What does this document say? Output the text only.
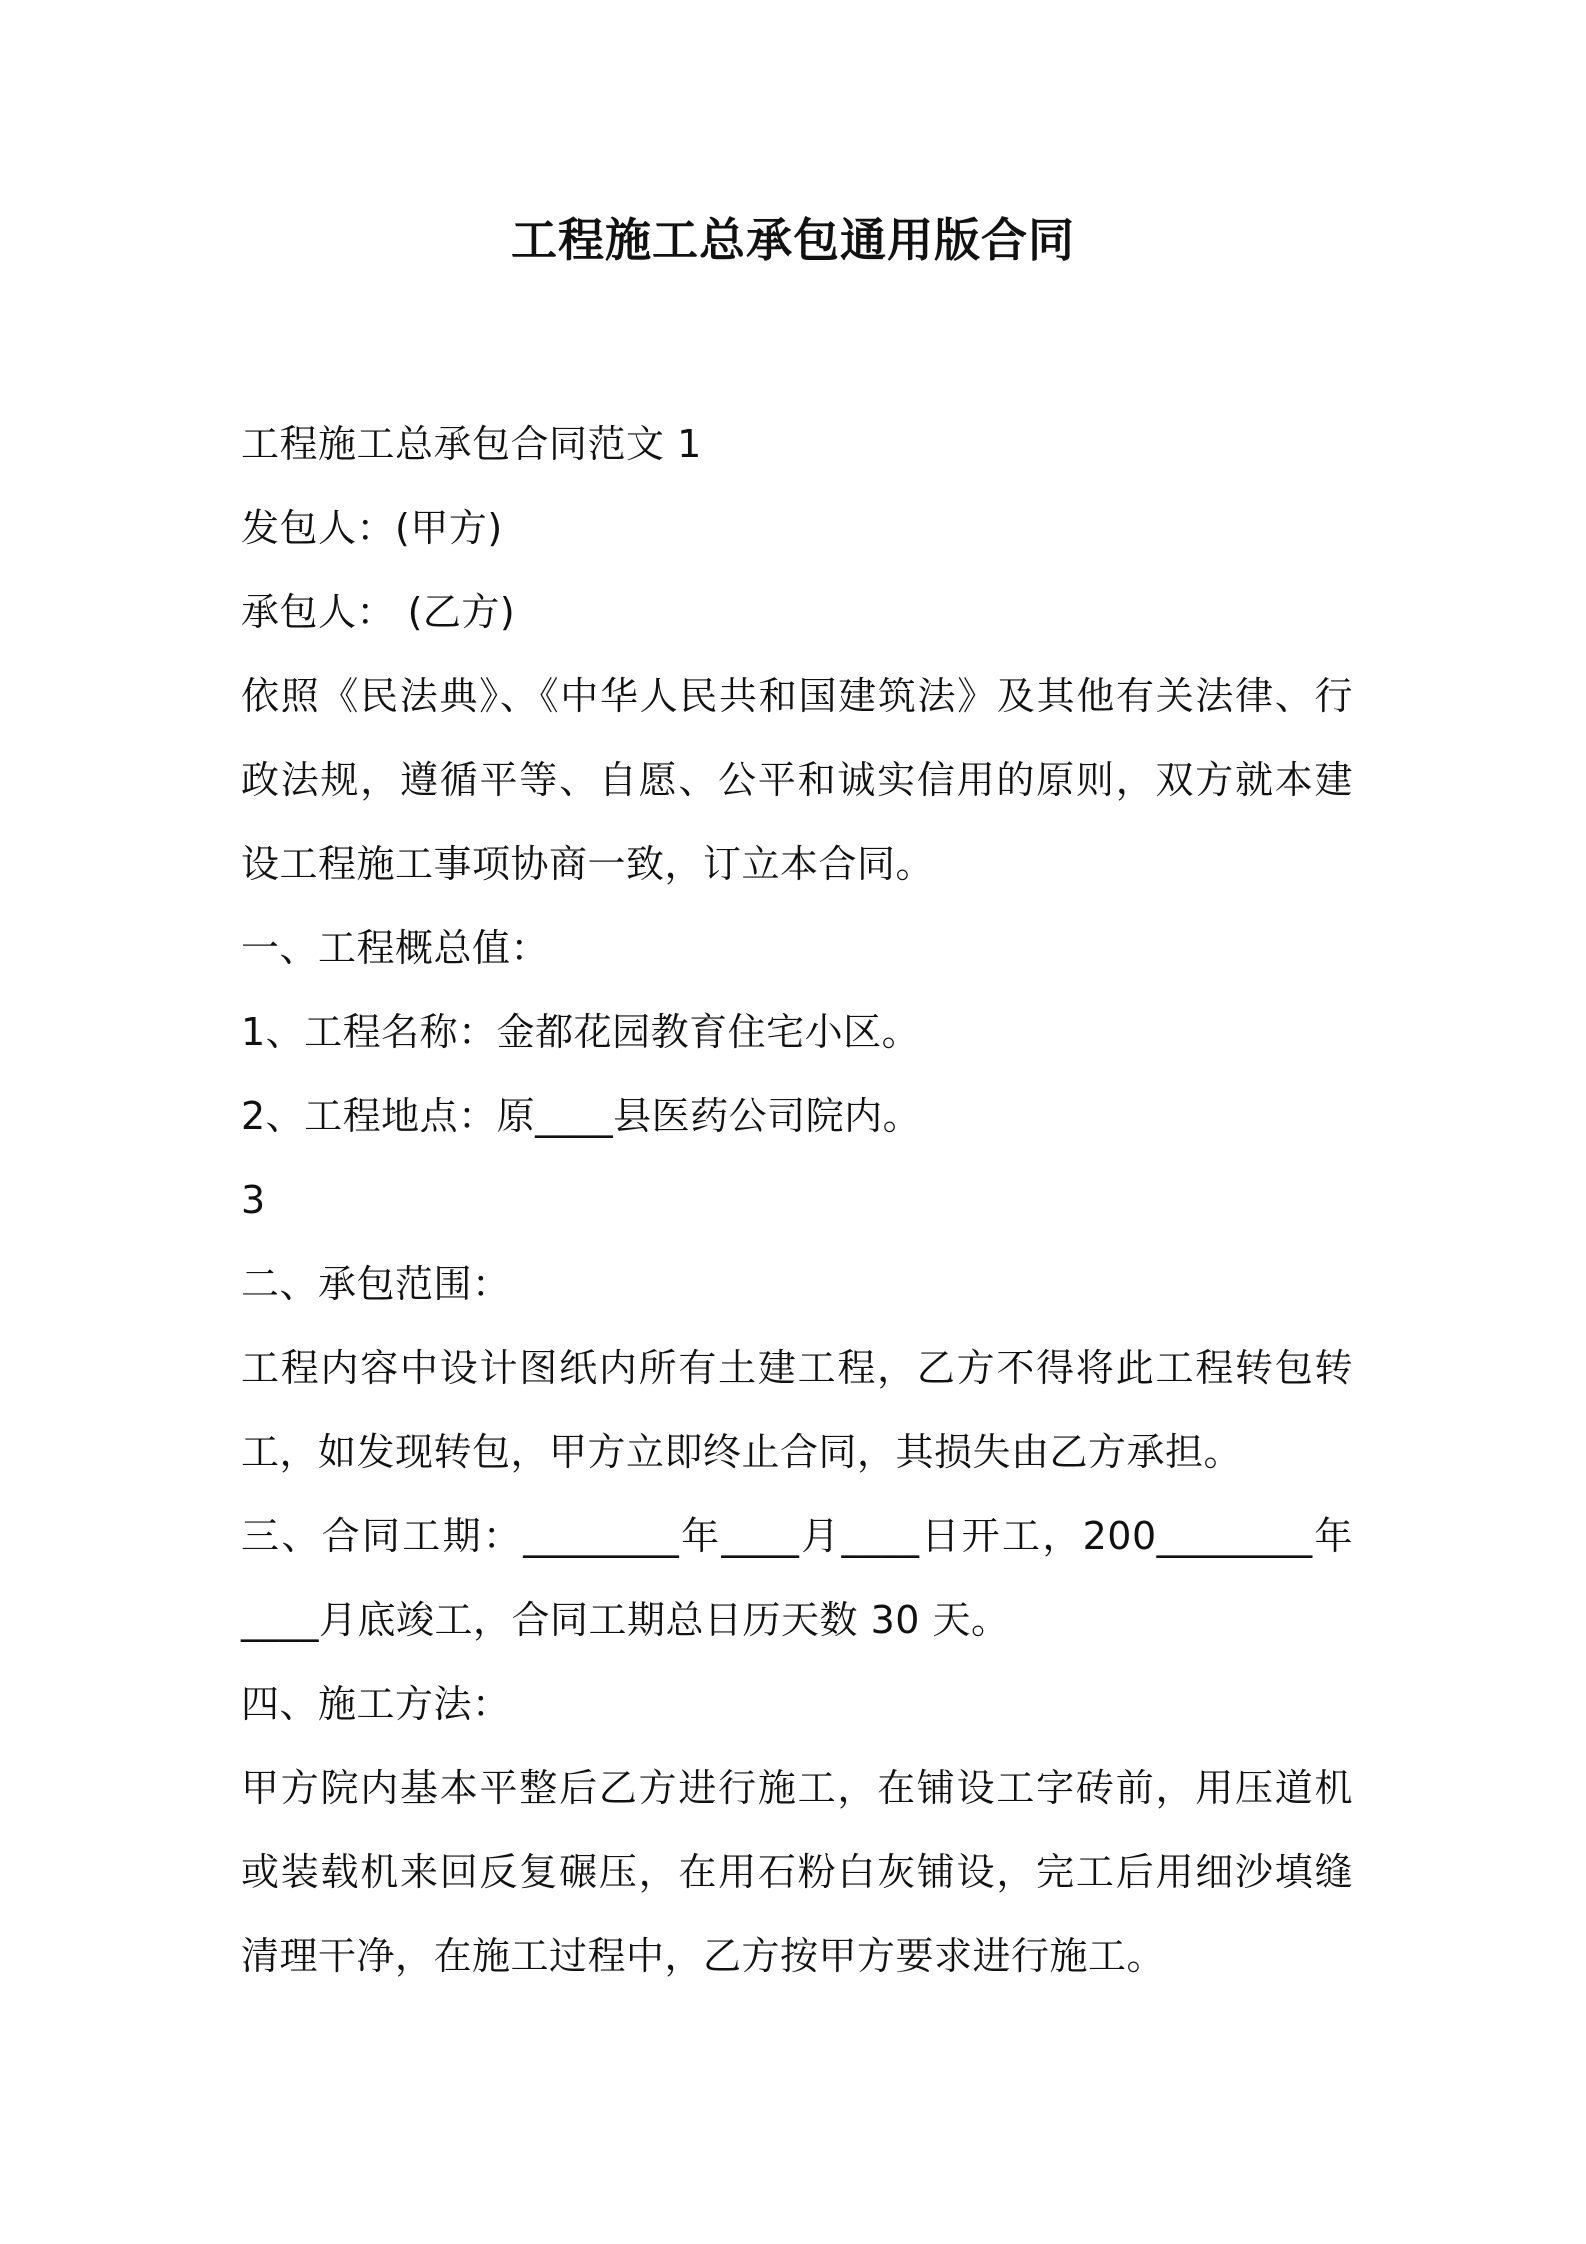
工程施工总承包通用版合同

工程施工总承包合同范文 1

发包人：(甲方)

承包人： (乙方)

依照《民法典》、《中华人民共和国建筑法》及其他有关法律、行政法规，遵循平等、自愿、公平和诚实信用的原则，双方就本建设工程施工事项协商一致，订立本合同。

一、工程概总值：

1、工程名称：金都花园教育住宅小区。

2、工程地点：原____县医药公司院内。

3

二、承包范围：

工程内容中设计图纸内所有土建工程，乙方不得将此工程转包转工，如发现转包，甲方立即终止合同，其损失由乙方承担。

三、合同工期：________年____月____日开工，200________年____月底竣工，合同工期总日历天数 30 天。

四、施工方法：

甲方院内基本平整后乙方进行施工，在铺设工字砖前，用压道机或装载机来回反复碾压，在用石粉白灰铺设，完工后用细沙填缝清理干净，在施工过程中，乙方按甲方要求进行施工。
